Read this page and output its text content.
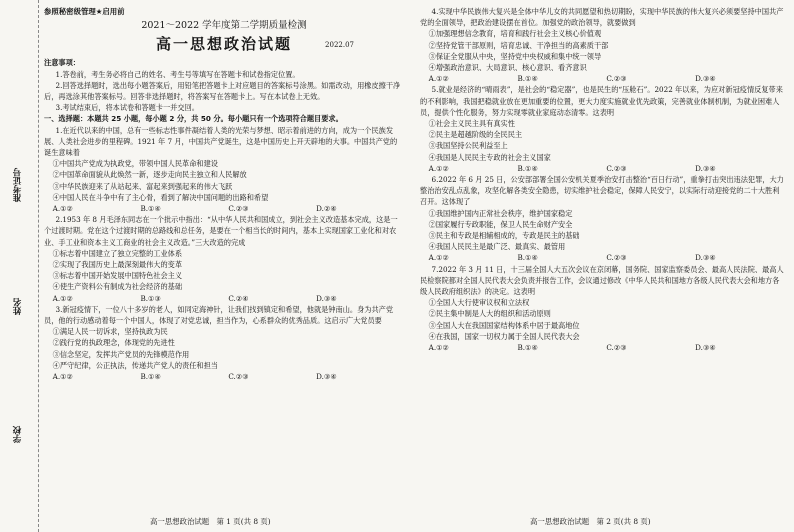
准考证号
姓名
学校
参照秘密级管理★启用前
2021～2022 学年度第二学期质量检测
高一思想政治试题	2022.07
注意事项：
1.答卷前，考生务必将自己的姓名、考生号等填写在答题卡和试卷指定位置。
2.回答选择题时，选出每小题答案后，用铅笔把答题卡上对应题目的答案标号涂黑。如需改动，用橡皮擦干净后，再选涂其他答案标号。回答非选择题时，将答案写在答题卡上。写在本试卷上无效。
3.考试结束后，将本试卷和答题卡一并交回。
一、选择题：本题共 25 小题，每小题 2 分，共 50 分。每小题只有一个选项符合题目要求。
1.在近代以来的中国，总有一些标志性事件凝结着人类的光荣与梦想、昭示着前进的方向，成为一个民族发展、人类社会进步的里程碑。1921 年 7 月，中国共产党诞生，这是中国历史上开天辟地的大事。中国共产党的诞生意味着
①中国共产党成为执政党，带领中国人民革命和建设
②中国革命面貌从此焕然一新，逐步走向民主独立和人民解放
③中华民族迎来了从站起来、富起来到强起来的伟大飞跃
④中国人民在斗争中有了主心骨，看到了解决中国问题的出路和希望
A.①②	B.①④	C.②③	D.②④
2.1953 年 8 月毛泽东同志在一个批示中指出：“从中华人民共和国成立，到社会主义改造基本完成，这是一个过渡时期。党在这个过渡时期的总路线和总任务，是要在一个相当长的时间内，基本上实现国家工业化和对农业、手工业和资本主义工商业的社会主义改造。”三大改造的完成
①标志着中国建立了独立完整的工业体系
②实现了我国历史上最深刻最伟大的变革
③标志着中国开始发展中国特色社会主义
④使生产资料公有制成为社会经济的基础
A.①②	B.①③	C.②④	D.③④
3.新冠疫情下，一位八十多岁的老人，如同定海神针，让我们找到镇定和希望，他就是钟南山。身为共产党员，他的行动感动着每一个中国人，体现了对党忠诚，担当作为，心系群众的优秀品质。这启示广大党员要
①满足人民一切诉求，坚持执政为民
②践行党的执政理念，体现党的先进性
③信念坚定，发挥共产党员的先锋模范作用
④严守纪律，公正执法，传递共产党人的责任和担当
A.①②	B.①④	C.②③	D.③④
4.实现中华民族伟大复兴是全体中华儿女的共同愿望和热切期盼，实现中华民族的伟大复兴必须要坚持中国共产党的全面领导，把政治建设摆在首位。加强党的政治领导，就要做到
①加强理想信念教育，培育和践行社会主义核心价值观
②坚持党管干部原则，培育忠诚、干净担当的高素质干部
③保证全党服从中央，坚持党中央权威和集中统一领导
④增强政治意识、大局意识、核心意识、看齐意识
A.①②	B.①④	C.②③	D.③④
5.就业是经济的“晴雨表”，是社会的“稳定器”，也是民生的“压舱石”。2022 年以来，为应对新冠疫情反复带来的不利影响，我国把稳就业放在更加重要的位置，更大力度实施就业优先政策，完善就业体制机制，为就业困难人员，提供个性化服务，努力实现零就业家庭动态清零。这表明
①社会主义民主具有真实性
②民主是超越阶级的全民民主
③我国坚持公民利益至上
④我国是人民民主专政的社会主义国家
A.①②	B.①④	C.②③	D.③④
6.2022 年 6 月 25 日，公安部部署全国公安机关夏季治安打击整治“百日行动”，重拳打击突出违法犯罪，大力整治治安乱点乱象，攻坚化解各类安全隐患，切实维护社会稳定，保障人民安宁，以实际行动迎接党的二十大胜利召开。这体现了
①我国维护国内正常社会秩序，维护国家稳定
②国家履行专政职能，保卫人民生命财产安全
③民主和专政是相辅相成的，专政是民主的基础
④我国人民民主是最广泛、最真实、最管用
A.①②	B.①④	C.②③	D.③④
7.2022 年 3 月 11 日，十三届全国人大五次会议在京闭幕，国务院、国家监察委员会、最高人民法院、最高人民检察院都对全国人民代表大会负责并报告工作，会议通过修改《中华人民共和国地方各级人民代表大会和地方各级人民政府组织法》的决定。这表明
①全国人大行使审议权和立法权
②民主集中制是人大的组织和活动原则
③全国人大在我国国家结构体系中居于最高地位
④在我国，国家一切权力属于全国人民代表大会
A.①②	B.①④	C.②③	D.③④
高一思想政治试题　第 1 页(共 8 页)	高一思想政治试题　第 2 页(共 8 页)
